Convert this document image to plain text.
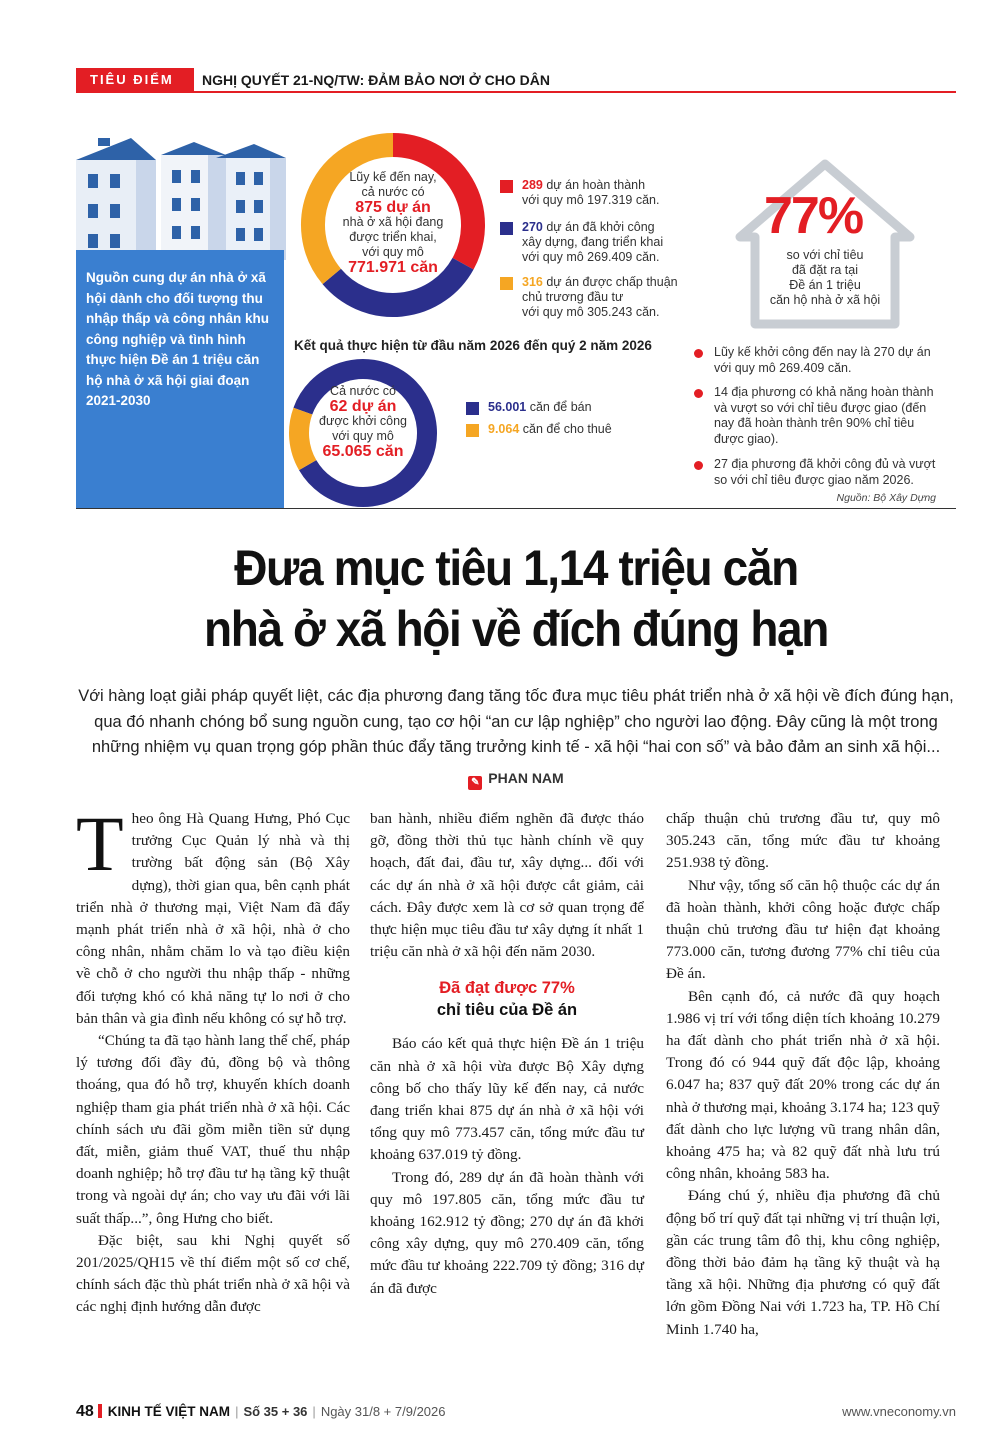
TIÊU ĐIỂM	NGHỊ QUYẾT 21-NQ/TW: ĐẢM BẢO NƠI Ở CHO DÂN
Nguồn cung dự án nhà ở xã hội dành cho đối tượng thu nhập thấp và công nhân khu công nghiệp và tình hình thực hiện Đề án 1 triệu căn hộ nhà ở xã hội giai đoạn 2021-2030
Lũy kế đến nay,
cả nước có
875 dự án
nhà ở xã hội đang
được triển khai,
với quy mô
771.971 căn
289 dự án hoàn thành
với quy mô 197.319 căn.
270 dự án đã khởi công
xây dựng, đang triển khai
với quy mô 269.409 căn.
316 dự án được chấp thuận
chủ trương đầu tư
với quy mô 305.243 căn.
Kết quả thực hiện từ đầu năm 2026 đến quý 2 năm 2026
Cả nước có
62 dự án
được khởi công
với quy mô
65.065 căn
56.001 căn để bán
9.064 căn để cho thuê
77%
so với chỉ tiêu
đã đặt ra tại
Đề án 1 triệu
căn hộ nhà ở xã hội
Lũy kế khởi công đến nay là 270 dự án
với quy mô 269.409 căn.
14 địa phương có khả năng hoàn thành
và vượt so với chỉ tiêu được giao (đến
nay đã hoàn thành trên 90% chỉ tiêu
được giao).
27 địa phương đã khởi công đủ và vượt
so với chỉ tiêu được giao năm 2026.
Nguồn: Bộ Xây Dựng
Đưa mục tiêu 1,14 triệu căn
nhà ở xã hội về đích đúng hạn
Với hàng loạt giải pháp quyết liệt, các địa phương đang tăng tốc đưa mục tiêu phát triển nhà ở xã hội về đích đúng hạn,
qua đó nhanh chóng bổ sung nguồn cung, tạo cơ hội “an cư lập nghiệp” cho người lao động. Đây cũng là một trong
những nhiệm vụ quan trọng góp phần thúc đẩy tăng trưởng kinh tế - xã hội “hai con số” và bảo đảm an sinh xã hội...
✎ PHAN NAM

Theo ông Hà Quang Hưng, Phó Cục trưởng Cục Quản lý nhà và thị trường bất động sản (Bộ Xây dựng), thời gian qua, bên cạnh phát triển nhà ở thương mại, Việt Nam đã đẩy mạnh phát triển nhà ở xã hội, nhà ở cho công nhân, nhằm chăm lo và tạo điều kiện về chỗ ở cho người thu nhập thấp - những đối tượng khó có khả năng tự lo nơi ở cho bản thân và gia đình nếu không có sự hỗ trợ.

“Chúng ta đã tạo hành lang thể chế, pháp lý tương đối đầy đủ, đồng bộ và thông thoáng, qua đó hỗ trợ, khuyến khích doanh nghiệp tham gia phát triển nhà ở xã hội. Các chính sách ưu đãi gồm miễn tiền sử dụng đất, miễn, giảm thuế VAT, thuế thu nhập doanh nghiệp; hỗ trợ đầu tư hạ tầng kỹ thuật trong và ngoài dự án; cho vay ưu đãi với lãi suất thấp...”, ông Hưng cho biết.

Đặc biệt, sau khi Nghị quyết số 201/2025/QH15 về thí điểm một số cơ chế, chính sách đặc thù phát triển nhà ở xã hội và các nghị định hướng dẫn được

ban hành, nhiều điểm nghẽn đã được tháo gỡ, đồng thời thủ tục hành chính về quy hoạch, đất đai, đầu tư, xây dựng... đối với các dự án nhà ở xã hội được cắt giảm, cải cách. Đây được xem là cơ sở quan trọng để thực hiện mục tiêu đầu tư xây dựng ít nhất 1 triệu căn nhà ở xã hội đến năm 2030.

Đã đạt được 77%
chỉ tiêu của Đề án

Báo cáo kết quả thực hiện Đề án 1 triệu căn nhà ở xã hội vừa được Bộ Xây dựng công bố cho thấy lũy kế đến nay, cả nước đang triển khai 875 dự án nhà ở xã hội với tổng quy mô 773.457 căn, tổng mức đầu tư khoảng 637.019 tỷ đồng.

Trong đó, 289 dự án đã hoàn thành với quy mô 197.805 căn, tổng mức đầu tư khoảng 162.912 tỷ đồng; 270 dự án đã khởi công xây dựng, quy mô 270.409 căn, tổng mức đầu tư khoảng 222.709 tỷ đồng; 316 dự án đã được

chấp thuận chủ trương đầu tư, quy mô 305.243 căn, tổng mức đầu tư khoảng 251.938 tỷ đồng.

Như vậy, tổng số căn hộ thuộc các dự án đã hoàn thành, khởi công hoặc được chấp thuận chủ trương đầu tư hiện đạt khoảng 773.000 căn, tương đương 77% chỉ tiêu của Đề án.

Bên cạnh đó, cả nước đã quy hoạch 1.986 vị trí với tổng diện tích khoảng 10.279 ha đất dành cho phát triển nhà ở xã hội. Trong đó có 944 quỹ đất độc lập, khoảng 6.047 ha; 837 quỹ đất 20% trong các dự án nhà ở thương mại, khoảng 3.174 ha; 123 quỹ đất dành cho lực lượng vũ trang nhân dân, khoảng 475 ha; và 82 quỹ đất nhà lưu trú công nhân, khoảng 583 ha.

Đáng chú ý, nhiều địa phương đã chủ động bố trí quỹ đất tại những vị trí thuận lợi, gần các trung tâm đô thị, khu công nghiệp, đồng thời bảo đảm hạ tầng kỹ thuật và hạ tầng xã hội. Những địa phương có quỹ đất lớn gồm Đồng Nai với 1.723 ha, TP. Hồ Chí Minh 1.740 ha,

48 KINH TẾ VIỆT NAM | Số 35 + 36 | Ngày 31/8 + 7/9/2026	www.vneconomy.vn
